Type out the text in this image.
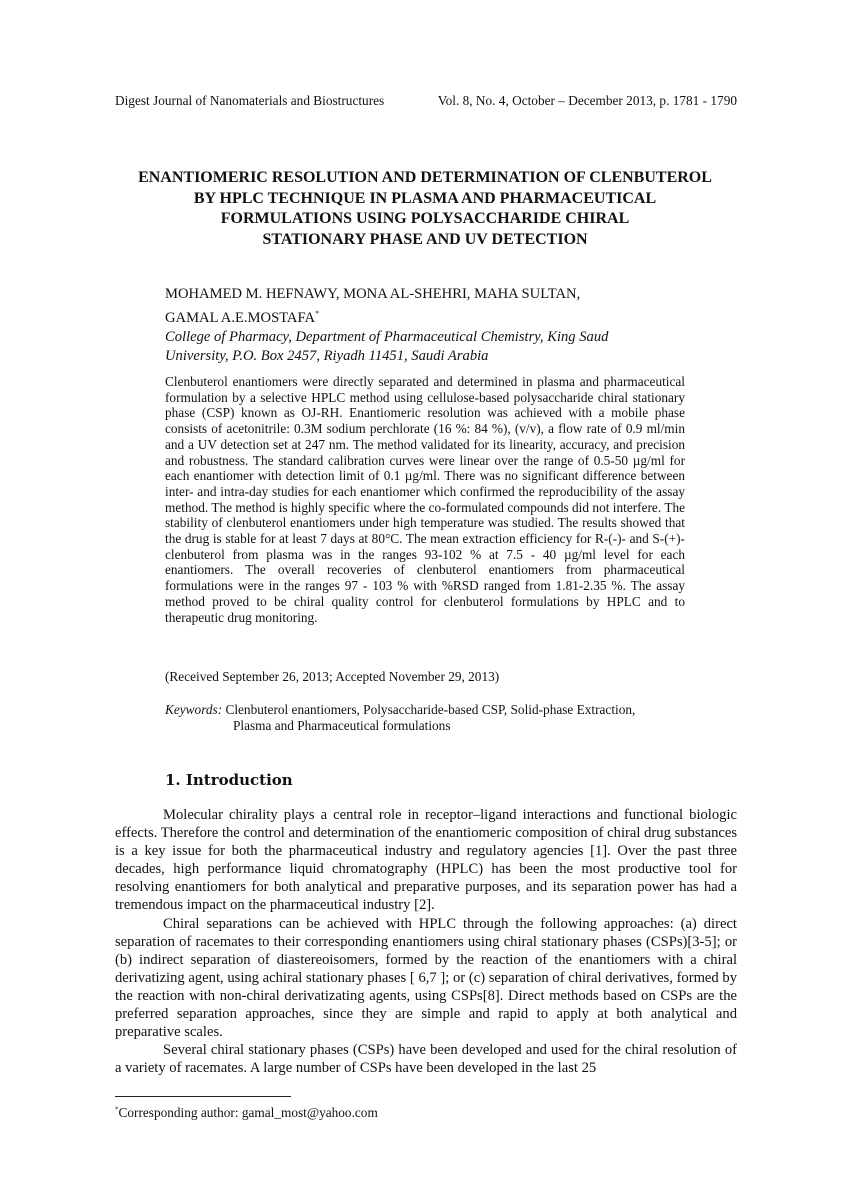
Digest Journal of Nanomaterials and Biostructures	Vol. 8, No. 4, October – December 2013, p. 1781 - 1790
ENANTIOMERIC RESOLUTION AND DETERMINATION OF CLENBUTEROL
BY HPLC TECHNIQUE IN PLASMA AND PHARMACEUTICAL
FORMULATIONS USING POLYSACCHARIDE CHIRAL
STATIONARY PHASE AND UV DETECTION
MOHAMED M. HEFNAWY, MONA AL-SHEHRI, MAHA SULTAN,
GAMAL A.E.MOSTAFA*
College of Pharmacy, Department of Pharmaceutical Chemistry, King Saud
University, P.O. Box 2457, Riyadh 11451, Saudi Arabia
Clenbuterol enantiomers were directly separated and determined in plasma and pharmaceutical formulation by a selective HPLC method using cellulose-based polysaccharide chiral stationary phase (CSP) known as OJ-RH. Enantiomeric resolution was achieved with a mobile phase consists of acetonitrile: 0.3M sodium perchlorate (16 %: 84 %), (v/v), a flow rate of 0.9 ml/min and a UV detection set at 247 nm. The method validated for its linearity, accuracy, and precision and robustness. The standard calibration curves were linear over the range of 0.5-50 µg/ml for each enantiomer with detection limit of 0.1 µg/ml. There was no significant difference between inter- and intra-day studies for each enantiomer which confirmed the reproducibility of the assay method. The method is highly specific where the co-formulated compounds did not interfere. The stability of clenbuterol enantiomers under high temperature was studied. The results showed that the drug is stable for at least 7 days at 80°C. The mean extraction efficiency for R-(-)- and S-(+)- clenbuterol from plasma was in the ranges 93-102 % at 7.5 - 40 µg/ml level for each enantiomers. The overall recoveries of clenbuterol enantiomers from pharmaceutical formulations were in the ranges 97 - 103 % with %RSD ranged from 1.81-2.35 %. The assay method proved to be chiral quality control for clenbuterol formulations by HPLC and to therapeutic drug monitoring.
(Received September 26, 2013; Accepted November 29, 2013)
Keywords: Clenbuterol enantiomers, Polysaccharide-based CSP, Solid-phase Extraction,
Plasma and Pharmaceutical formulations
1. Introduction

Molecular chirality plays a central role in receptor–ligand interactions and functional biologic effects. Therefore the control and determination of the enantiomeric composition of chiral drug substances is a key issue for both the pharmaceutical industry and regulatory agencies [1]. Over the past three decades, high performance liquid chromatography (HPLC) has been the most productive tool for resolving enantiomers for both analytical and preparative purposes, and its separation power has had a tremendous impact on the pharmaceutical industry [2].

Chiral separations can be achieved with HPLC through the following approaches: (a) direct separation of racemates to their corresponding enantiomers using chiral stationary phases (CSPs)[3-5]; or (b) indirect separation of diastereoisomers, formed by the reaction of the enantiomers with a chiral derivatizing agent, using achiral stationary phases [ 6,7 ]; or (c) separation of chiral derivatives, formed by the reaction with non-chiral derivatizating agents, using CSPs[8]. Direct methods based on CSPs are the preferred separation approaches, since they are simple and rapid to apply at both analytical and preparative scales.

Several chiral stationary phases (CSPs) have been developed and used for the chiral resolution of a variety of racemates. A large number of CSPs have been developed in the last 25

*Corresponding author: gamal_most@yahoo.com
